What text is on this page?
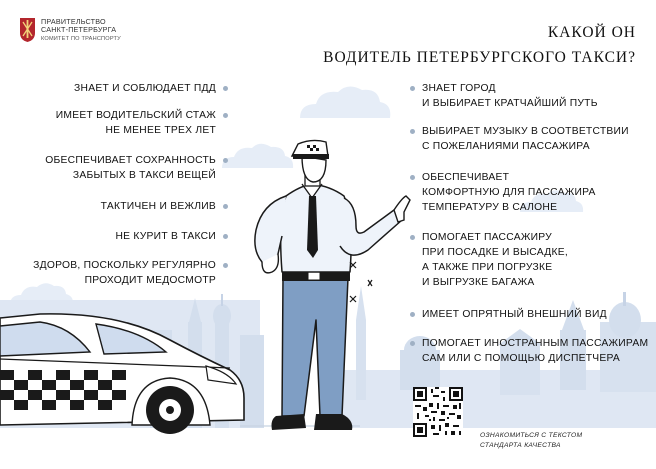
ПРАВИТЕЛЬСТВО
САНКТ-ПЕТЕРБУРГА
КОМИТЕТ ПО ТРАНСПОРТУ	КАКОЙ ОН
ВОДИТЕЛЬ ПЕТЕРБУРГСКОГО ТАКСИ?
ЗНАЕТ И СОБЛЮДАЕТ ПДД
ИМЕЕТ ВОДИТЕЛЬСКИЙ СТАЖ
НЕ МЕНЕЕ ТРЕХ ЛЕТ
ОБЕСПЕЧИВАЕТ СОХРАННОСТЬ
ЗАБЫТЫХ В ТАКСИ ВЕЩЕЙ
ТАКТИЧЕН И ВЕЖЛИВ
НЕ КУРИТ В ТАКСИ
ЗДОРОВ, ПОСКОЛЬКУ РЕГУЛЯРНО
ПРОХОДИТ МЕДОСМОТР
ЗНАЕТ ГОРОД
И ВЫБИРАЕТ КРАТЧАЙШИЙ ПУТЬ
ВЫБИРАЕТ МУЗЫКУ В СООТВЕТСТВИИ
С ПОЖЕЛАНИЯМИ ПАССАЖИРА
ОБЕСПЕЧИВАЕТ
КОМФОРТНУЮ ДЛЯ ПАССАЖИРА
ТЕМПЕРАТУРУ В САЛОНЕ
ПОМОГАЕТ ПАССАЖИРУ
ПРИ ПОСАДКЕ И ВЫСАДКЕ,
А ТАКЖЕ ПРИ ПОГРУЗКЕ
И ВЫГРУЗКЕ БАГАЖА
ИМЕЕТ ОПРЯТНЫЙ ВНЕШНИЙ ВИД
ПОМОГАЕТ ИНОСТРАННЫМ ПАССАЖИРАМ
САМ ИЛИ С ПОМОЩЬЮ ДИСПЕТЧЕРА
ОЗНАКОМИТЬСЯ С ТЕКСТОМ
СТАНДАРТА КАЧЕСТВА
